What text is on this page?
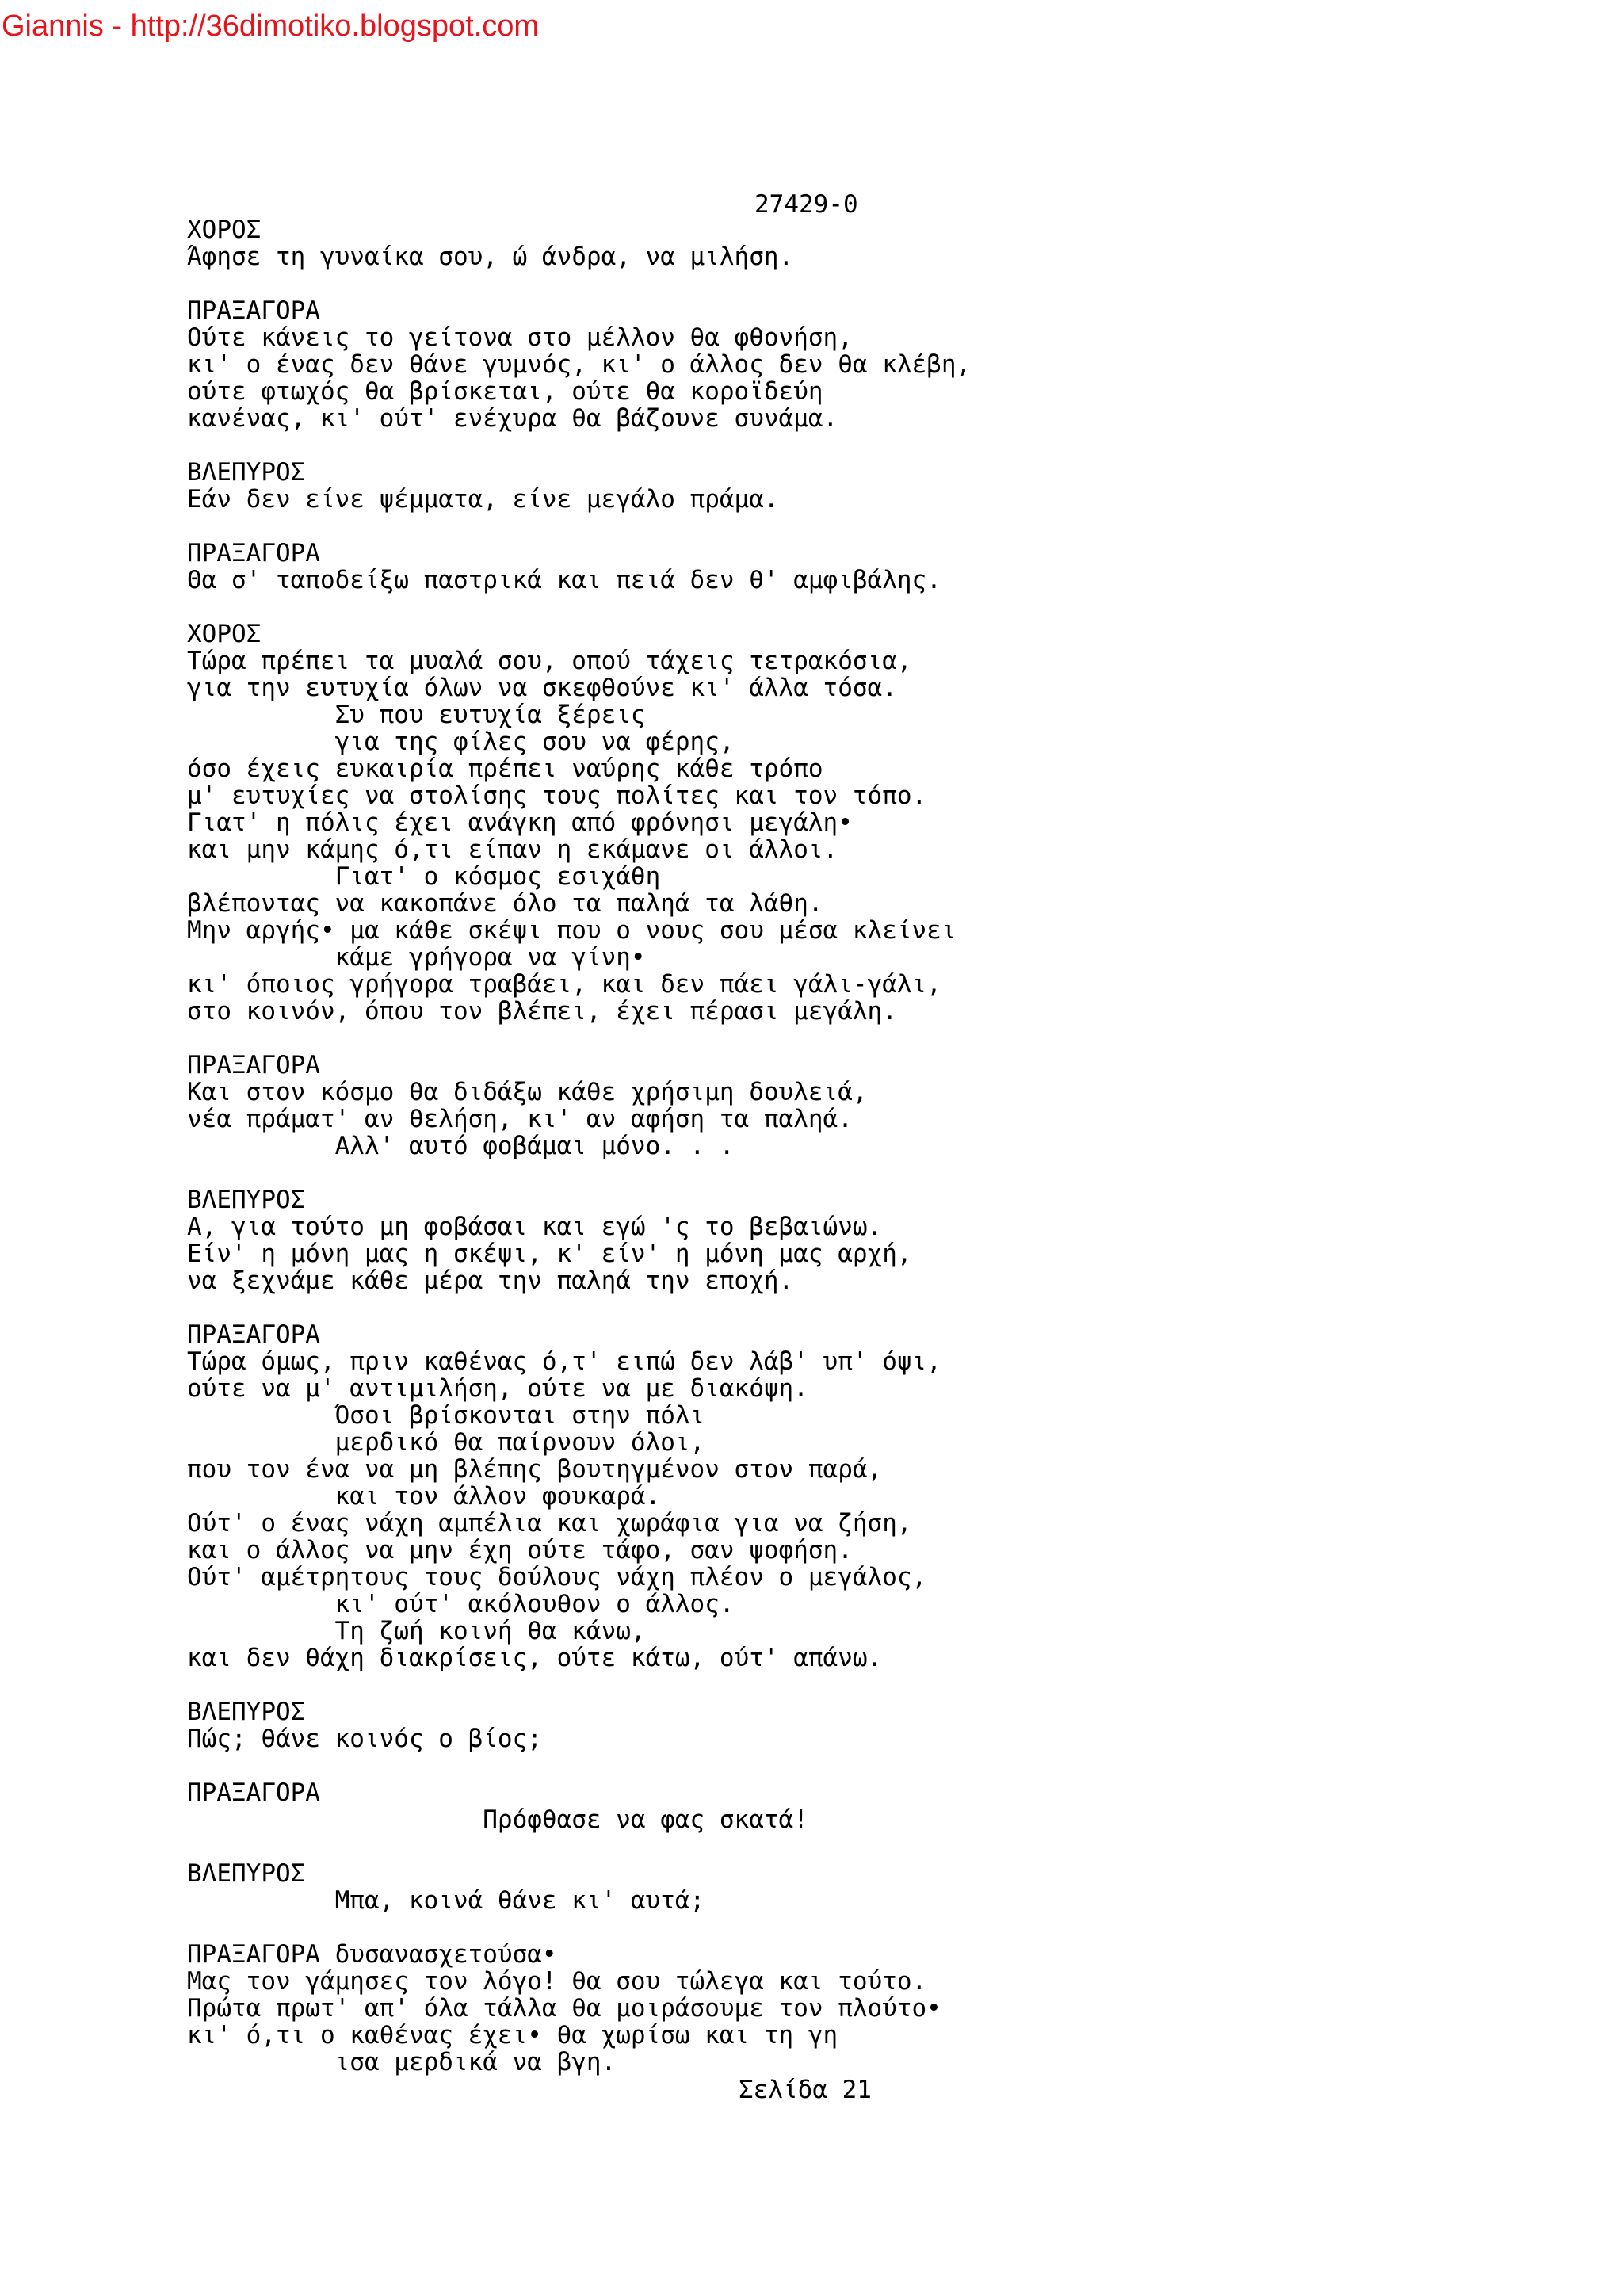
Giannis - http://36dimotiko.blogspot.com
27429-0
ΧΟΡΟΣ
Άφησε τη γυναίκα σου, ώ άνδρα, να μιλήση.
ΠΡΑΞΑΓΟΡΑ
Ούτε κάνεις το γείτονα στο μέλλον θα φθονήση,
κι' ο ένας δεν θάνε γυμνός, κι' ο άλλος δεν θα κλέβη,
ούτε φτωχός θα βρίσκεται, ούτε θα κοροϊδεύη
κανένας, κι' ούτ' ενέχυρα θα βάζουνε συνάμα.
ΒΛΕΠΥΡΟΣ
Εάν δεν είνε ψέμματα, είνε μεγάλο πράμα.
ΠΡΑΞΑΓΟΡΑ
Θα σ' ταποδείξω παστρικά και πειά δεν θ' αμφιβάλης.
ΧΟΡΟΣ
Τώρα πρέπει τα μυαλά σου, οπού τάχεις τετρακόσια,
για την ευτυχία όλων να σκεφθούνε κι' άλλα τόσα.
Συ που ευτυχία ξέρεις
για της φίλες σου να φέρης,
όσο έχεις ευκαιρία πρέπει ναύρης κάθε τρόπο
μ' ευτυχίες να στολίσης τους πολίτες και τον τόπο.
Γιατ' η πόλις έχει ανάγκη από φρόνησι μεγάλη•
και μην κάμης ό,τι είπαν η εκάμανε οι άλλοι.
Γιατ' ο κόσμος εσιχάθη
βλέποντας να κακοπάνε όλο τα παληά τα λάθη.
Μην αργής• μα κάθε σκέψι που ο νους σου μέσα κλείνει
κάμε γρήγορα να γίνη•
κι' όποιος γρήγορα τραβάει, και δεν πάει γάλι-γάλι,
στο κοινόν, όπου τον βλέπει, έχει πέρασι μεγάλη.
ΠΡΑΞΑΓΟΡΑ
Και στον κόσμο θα διδάξω κάθε χρήσιμη δουλειά,
νέα πράματ' αν θελήση, κι' αν αφήση τα παληά.
Αλλ' αυτό φοβάμαι μόνο. . .
ΒΛΕΠΥΡΟΣ
Α, για τούτο μη φοβάσαι και εγώ 'ς το βεβαιώνω.
Είν' η μόνη μας η σκέψι, κ' είν' η μόνη μας αρχή,
να ξεχνάμε κάθε μέρα την παληά την εποχή.
ΠΡΑΞΑΓΟΡΑ
Τώρα όμως, πριν καθένας ό,τ' ειπώ δεν λάβ' υπ' όψι,
ούτε να μ' αντιμιλήση, ούτε να με διακόψη.
Όσοι βρίσκονται στην πόλι
μερδικό θα παίρνουν όλοι,
που τον ένα να μη βλέπης βουτηγμένον στον παρά,
και τον άλλον φουκαρά.
Ούτ' ο ένας νάχη αμπέλια και χωράφια για να ζήση,
και ο άλλος να μην έχη ούτε τάφο, σαν ψοφήση.
Ούτ' αμέτρητους τους δούλους νάχη πλέον ο μεγάλος,
κι' ούτ' ακόλουθον ο άλλος.
Τη ζωή κοινή θα κάνω,
και δεν θάχη διακρίσεις, ούτε κάτω, ούτ' απάνω.
ΒΛΕΠΥΡΟΣ
Πώς; θάνε κοινός ο βίος;
ΠΡΑΞΑΓΟΡΑ
Πρόφθασε να φας σκατά!
ΒΛΕΠΥΡΟΣ
Μπα, κοινά θάνε κι' αυτά;
ΠΡΑΞΑΓΟΡΑ δυσανασχετούσα•
Μας τον γάμησες τον λόγο! θα σου τώλεγα και τούτο.
Πρώτα πρωτ' απ' όλα τάλλα θα μοιράσουμε τον πλούτο•
κι' ό,τι ο καθένας έχει• θα χωρίσω και τη γη
ισα μερδικά να βγη.
Σελίδα 21
